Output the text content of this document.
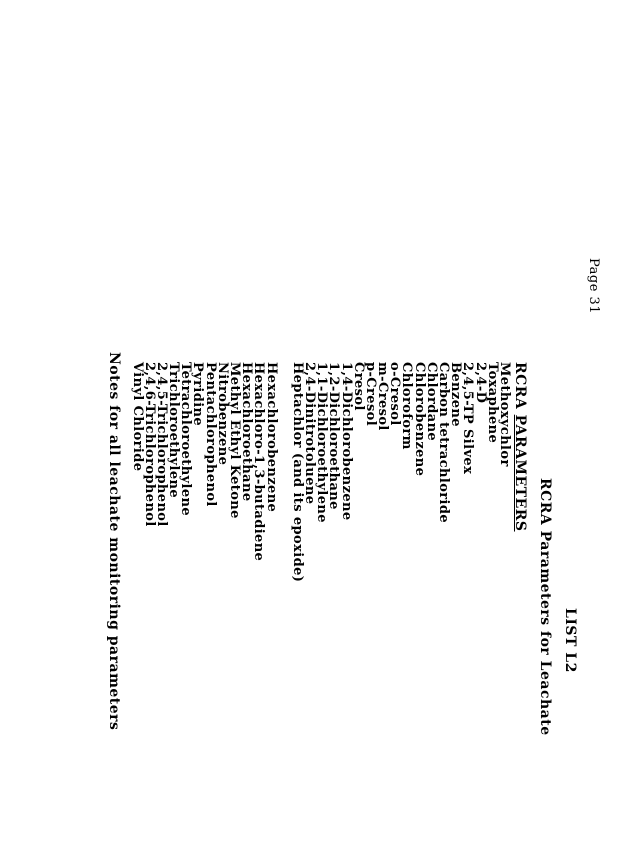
Page 31
LIST L2
RCRA Parameters for Leachate
RCRA PARAMETERS
Methoxychlor
Toxaphene
2,4-D
2,4,5-TP Silvex
Benzene
Carbon tetrachloride
Chlordane
Chlorobenzene
Chloroform
o-Cresol
m-Cresol
p-Cresol
Cresol
1,4-Dichlorobenzene
1,2-Dichloroethane
1,1-Dichloroethylene
2,4-Dinitrotoluene
Heptachlor (and its epoxide)
Hexachlorobenzene
Hexachloro-1,3-butadiene
Hexachloroethane
Methyl Ethyl Ketone
Nitrobenzene
Pentachlorophenol
Pyridine
Tetrachloroethylene
Trichloroethylene
2,4,5-Trichlorophenol
2,4,6-Trichlorophenol
Vinyl Chloride
Notes for all leachate monitoring parameters
